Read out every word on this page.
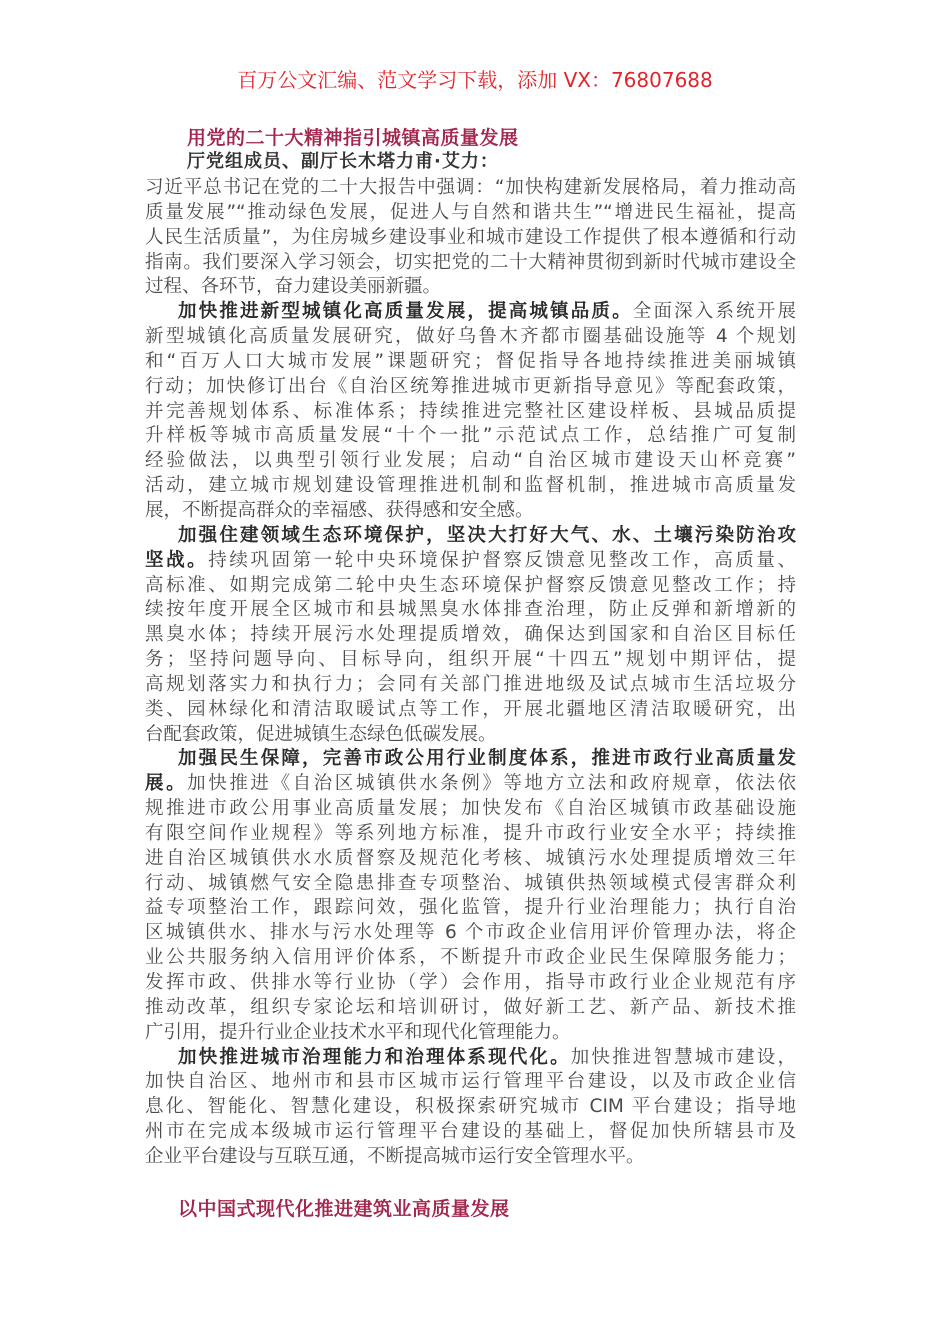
百万公文汇编、范文学习下载，添加 VX：76807688
用党的二十大精神指引城镇高质量发展
厅党组成员、副厅长木塔力甫·艾力：
习近平总书记在党的二十大报告中强调：“加快构建新发展格局，着力推动高
质量发展”“推动绿色发展，促进人与自然和谐共生”“增进民生福祉，提高
人民生活质量”，为住房城乡建设事业和城市建设工作提供了根本遵循和行动
指南。我们要深入学习领会，切实把党的二十大精神贯彻到新时代城市建设全
过程、各环节，奋力建设美丽新疆。
加快推进新型城镇化高质量发展，提高城镇品质。全面深入系统开展
新型城镇化高质量发展研究，做好乌鲁木齐都市圈基础设施等 4 个规划
和“百万人口大城市发展”课题研究；督促指导各地持续推进美丽城镇
行动；加快修订出台《自治区统筹推进城市更新指导意见》等配套政策，
并完善规划体系、标准体系；持续推进完整社区建设样板、县城品质提
升样板等城市高质量发展“十个一批”示范试点工作，总结推广可复制
经验做法，以典型引领行业发展；启动“自治区城市建设天山杯竞赛”
活动，建立城市规划建设管理推进机制和监督机制，推进城市高质量发
展，不断提高群众的幸福感、获得感和安全感。
加强住建领域生态环境保护，坚决大打好大气、水、土壤污染防治攻
坚战。持续巩固第一轮中央环境保护督察反馈意见整改工作，高质量、
高标准、如期完成第二轮中央生态环境保护督察反馈意见整改工作；持
续按年度开展全区城市和县城黑臭水体排查治理，防止反弹和新增新的
黑臭水体；持续开展污水处理提质增效，确保达到国家和自治区目标任
务；坚持问题导向、目标导向，组织开展“十四五”规划中期评估，提
高规划落实力和执行力；会同有关部门推进地级及试点城市生活垃圾分
类、园林绿化和清洁取暖试点等工作，开展北疆地区清洁取暖研究，出
台配套政策，促进城镇生态绿色低碳发展。
加强民生保障，完善市政公用行业制度体系，推进市政行业高质量发
展。加快推进《自治区城镇供水条例》等地方立法和政府规章，依法依
规推进市政公用事业高质量发展；加快发布《自治区城镇市政基础设施
有限空间作业规程》等系列地方标准，提升市政行业安全水平；持续推
进自治区城镇供水水质督察及规范化考核、城镇污水处理提质增效三年
行动、城镇燃气安全隐患排查专项整治、城镇供热领域模式侵害群众利
益专项整治工作，跟踪问效，强化监管，提升行业治理能力；执行自治
区城镇供水、排水与污水处理等 6 个市政企业信用评价管理办法，将企
业公共服务纳入信用评价体系，不断提升市政企业民生保障服务能力；
发挥市政、供排水等行业协（学）会作用，指导市政行业企业规范有序
推动改革，组织专家论坛和培训研讨，做好新工艺、新产品、新技术推
广引用，提升行业企业技术水平和现代化管理能力。
加快推进城市治理能力和治理体系现代化。加快推进智慧城市建设，
加快自治区、地州市和县市区城市运行管理平台建设，以及市政企业信
息化、智能化、智慧化建设，积极探索研究城市 CIM 平台建设；指导地
州市在完成本级城市运行管理平台建设的基础上，督促加快所辖县市及
企业平台建设与互联互通，不断提高城市运行安全管理水平。
以中国式现代化推进建筑业高质量发展
